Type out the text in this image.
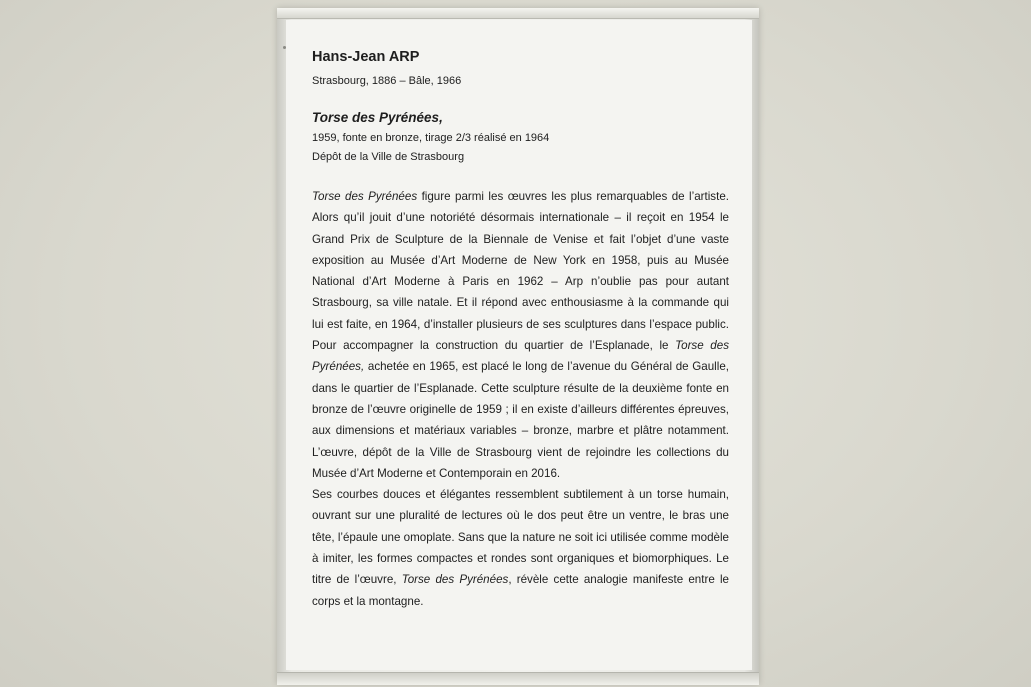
Hans-Jean ARP

Strasbourg, 1886 – Bâle, 1966

Torse des Pyrénées,

1959, fonte en bronze, tirage 2/3 réalisé en 1964

Dépôt de la Ville de Strasbourg

Torse des Pyrénées figure parmi les œuvres les plus remarquables de l’artiste. Alors qu’il jouit d’une notoriété désormais internationale – il reçoit en 1954 le Grand Prix de Sculpture de la Biennale de Venise et fait l’objet d’une vaste exposition au Musée d’Art Moderne de New York en 1958, puis au Musée National d’Art Moderne à Paris en 1962 – Arp n’oublie pas pour autant Strasbourg, sa ville natale. Et il répond avec enthousiasme à la commande qui lui est faite, en 1964, d’installer plusieurs de ses sculptures dans l’espace public. Pour accompagner la construction du quartier de l’Esplanade, le Torse des Pyrénées, achetée en 1965, est placé le long de l’avenue du Général de Gaulle, dans le quartier de l’Esplanade. Cette sculpture résulte de la deuxième fonte en bronze de l’œuvre originelle de 1959 ; il en existe d’ailleurs différentes épreuves, aux dimensions et matériaux variables – bronze, marbre et plâtre notamment. L’œuvre, dépôt de la Ville de Strasbourg vient de rejoindre les collections du Musée d’Art Moderne et Contemporain en 2016.

Ses courbes douces et élégantes ressemblent subtilement à un torse humain, ouvrant sur une pluralité de lectures où le dos peut être un ventre, le bras une tête, l’épaule une omoplate. Sans que la nature ne soit ici utilisée comme modèle à imiter, les formes compactes et rondes sont organiques et biomorphiques. Le titre de l’œuvre, Torse des Pyrénées, révèle cette analogie manifeste entre le corps et la montagne.
